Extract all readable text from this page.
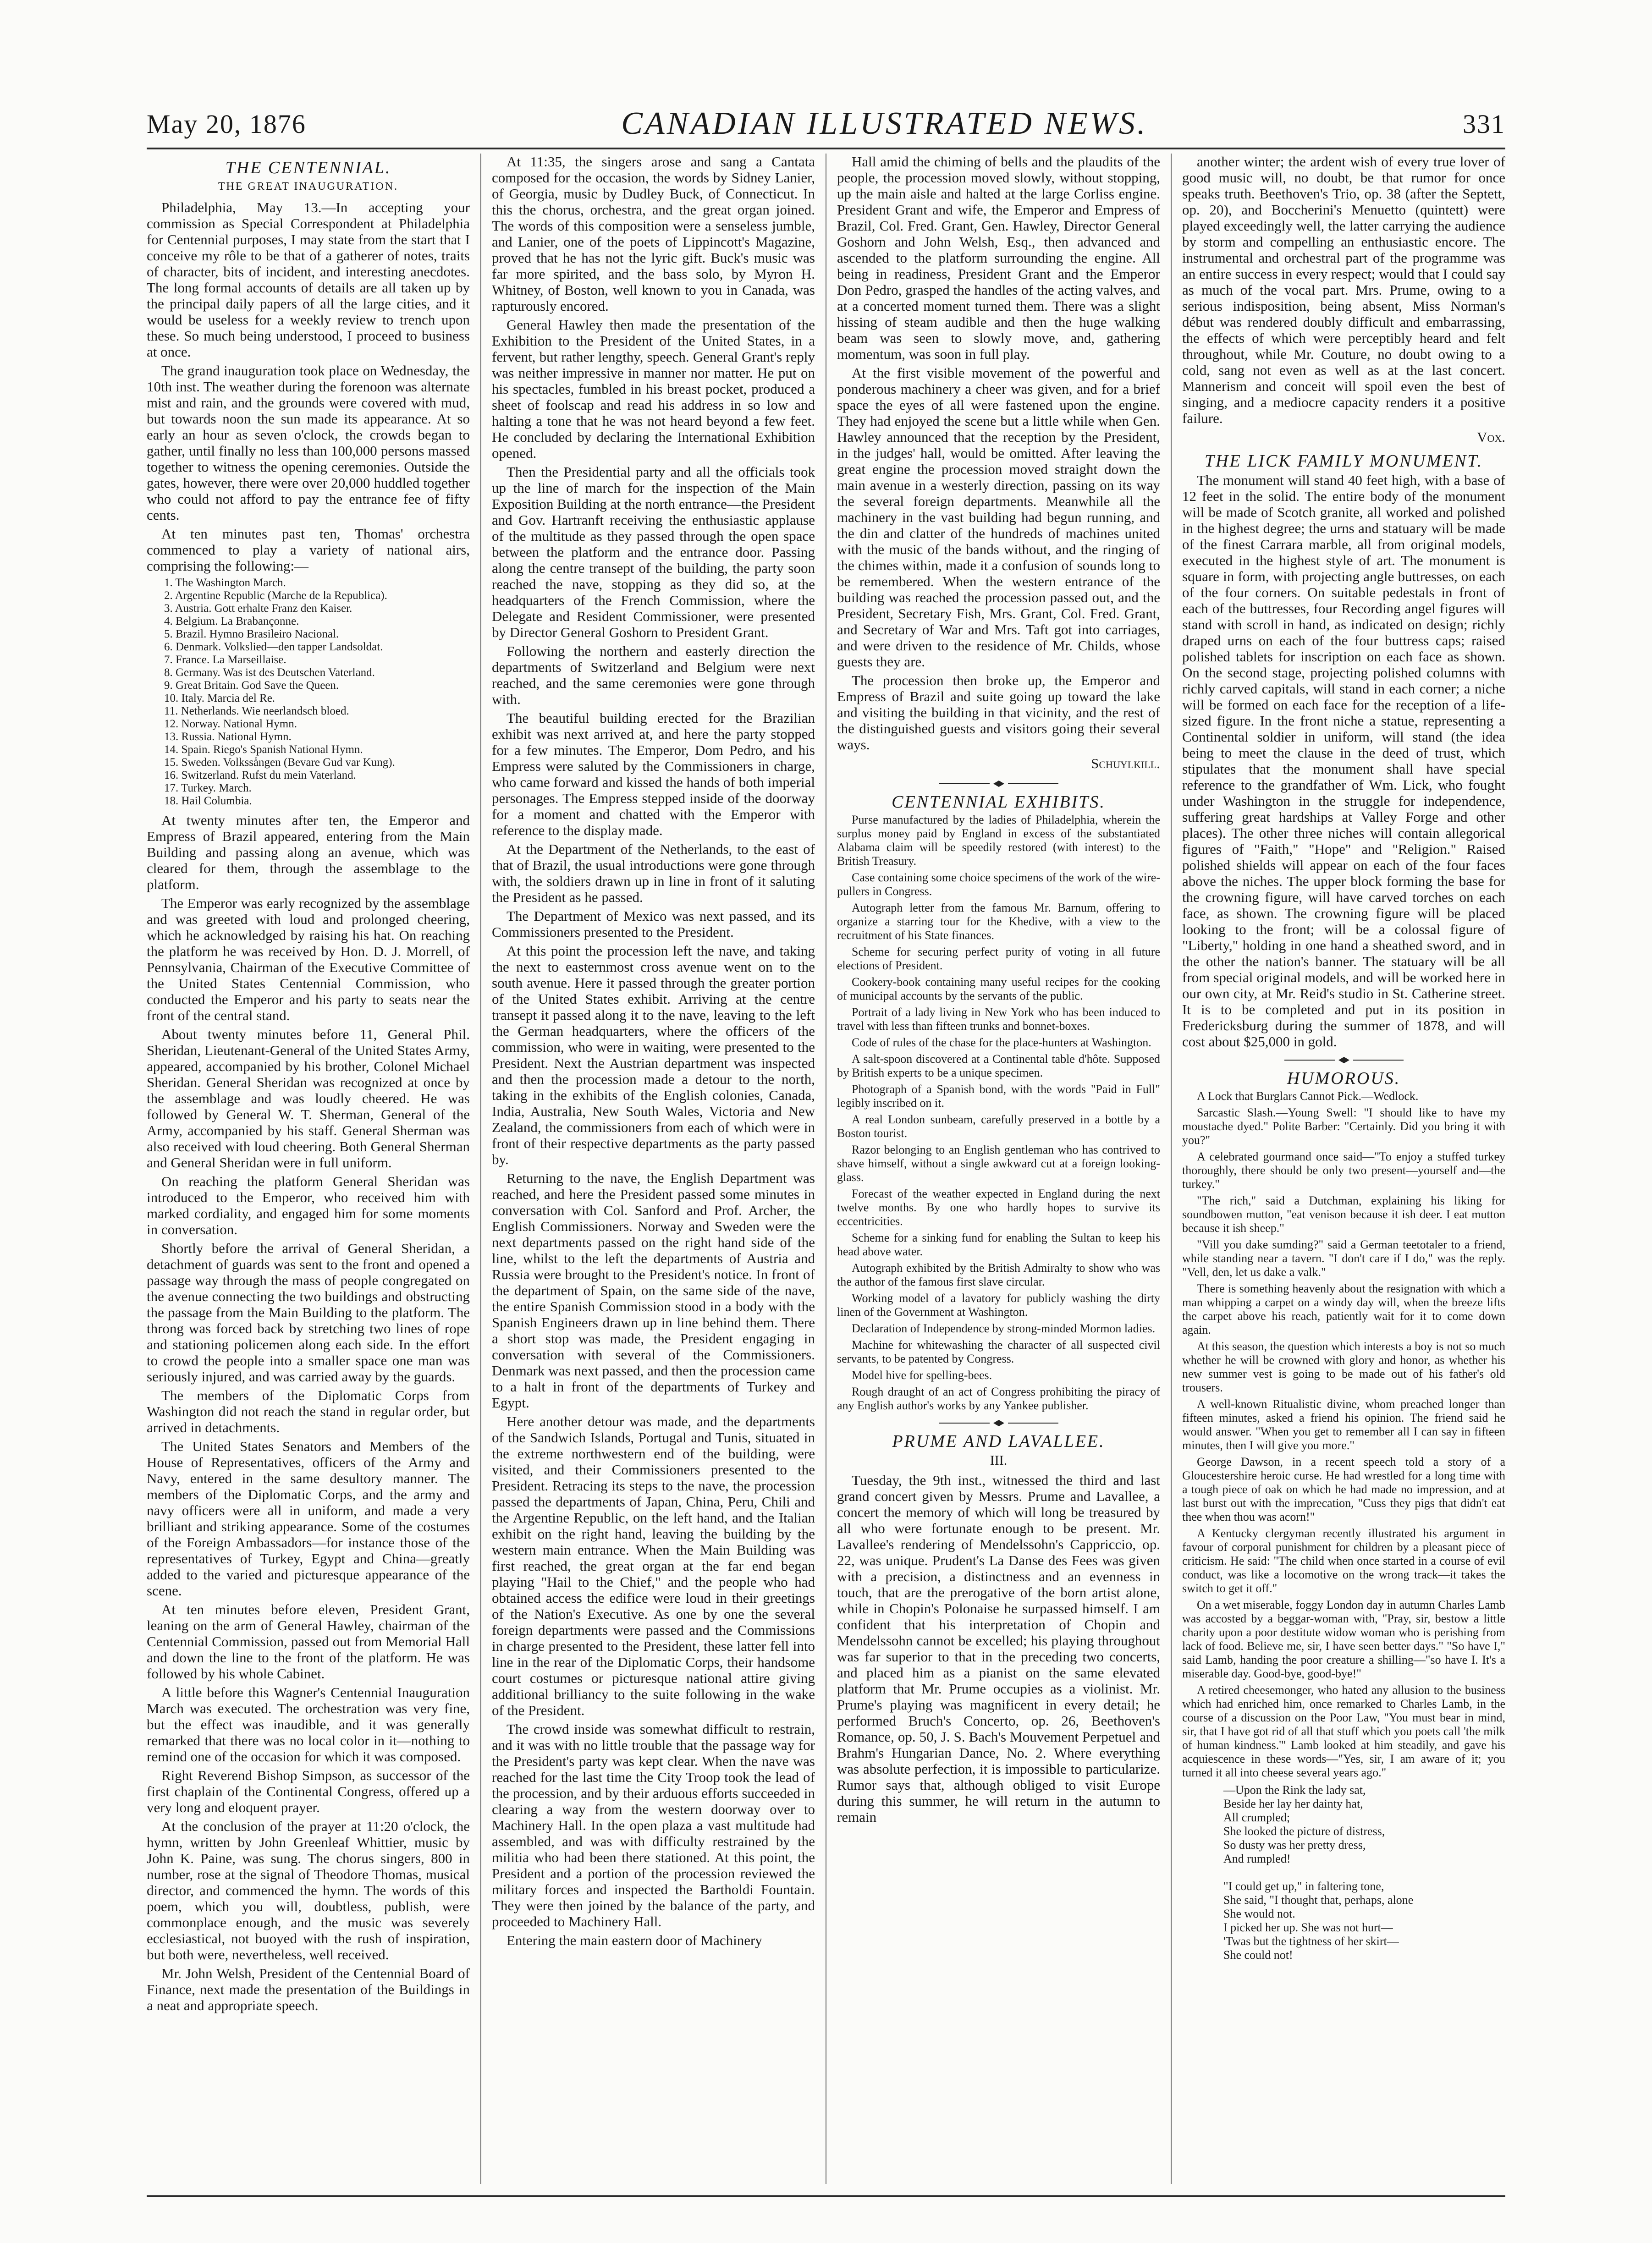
May 20, 1876	CANADIAN ILLUSTRATED NEWS.	331
THE CENTENNIAL.
THE GREAT INAUGURATION.
Philadelphia, May 13.—In accepting your commission as Special Correspondent at Philadelphia for Centennial purposes, I may state from the start that I conceive my rôle to be that of a gatherer of notes, traits of character, bits of incident, and interesting anecdotes. The long formal accounts of details are all taken up by the principal daily papers of all the large cities, and it would be useless for a weekly review to trench upon these. So much being understood, I proceed to business at once.
The grand inauguration took place on Wednesday, the 10th inst. The weather during the forenoon was alternate mist and rain, and the grounds were covered with mud, but towards noon the sun made its appearance. At so early an hour as seven o'clock, the crowds began to gather, until finally no less than 100,000 persons massed together to witness the opening ceremonies. Outside the gates, however, there were over 20,000 huddled together who could not afford to pay the entrance fee of fifty cents.
At ten minutes past ten, Thomas' orchestra commenced to play a variety of national airs, comprising the following:—
1. The Washington March.
2. Argentine Republic (Marche de la Republica).
3. Austria. Gott erhalte Franz den Kaiser.
4. Belgium. La Brabançonne.
5. Brazil. Hymno Brasileiro Nacional.
6. Denmark. Volkslied—den tapper Landsoldat.
7. France. La Marseillaise.
8. Germany. Was ist des Deutschen Vaterland.
9. Great Britain. God Save the Queen.
10. Italy. Marcia del Re.
11. Netherlands. Wie neerlandsch bloed.
12. Norway. National Hymn.
13. Russia. National Hymn.
14. Spain. Riego's Spanish National Hymn.
15. Sweden. Volkssången (Bevare Gud var Kung).
16. Switzerland. Rufst du mein Vaterland.
17. Turkey. March.
18. Hail Columbia.
At twenty minutes after ten, the Emperor and Empress of Brazil appeared, entering from the Main Building and passing along an avenue, which was cleared for them, through the assemblage to the platform.
The Emperor was early recognized by the assemblage and was greeted with loud and prolonged cheering, which he acknowledged by raising his hat. On reaching the platform he was received by Hon. D. J. Morrell, of Pennsylvania, Chairman of the Executive Committee of the United States Centennial Commission, who conducted the Emperor and his party to seats near the front of the central stand.
About twenty minutes before 11, General Phil. Sheridan, Lieutenant-General of the United States Army, appeared, accompanied by his brother, Colonel Michael Sheridan. General Sheridan was recognized at once by the assemblage and was loudly cheered. He was followed by General W. T. Sherman, General of the Army, accompanied by his staff. General Sherman was also received with loud cheering. Both General Sherman and General Sheridan were in full uniform.
On reaching the platform General Sheridan was introduced to the Emperor, who received him with marked cordiality, and engaged him for some moments in conversation.
Shortly before the arrival of General Sheridan, a detachment of guards was sent to the front and opened a passage way through the mass of people congregated on the avenue connecting the two buildings and obstructing the passage from the Main Building to the platform. The throng was forced back by stretching two lines of rope and stationing policemen along each side. In the effort to crowd the people into a smaller space one man was seriously injured, and was carried away by the guards.
The members of the Diplomatic Corps from Washington did not reach the stand in regular order, but arrived in detachments.
The United States Senators and Members of the House of Representatives, officers of the Army and Navy, entered in the same desultory manner. The members of the Diplomatic Corps, and the army and navy officers were all in uniform, and made a very brilliant and striking appearance. Some of the costumes of the Foreign Ambassadors—for instance those of the representatives of Turkey, Egypt and China—greatly added to the varied and picturesque appearance of the scene.
At ten minutes before eleven, President Grant, leaning on the arm of General Hawley, chairman of the Centennial Commission, passed out from Memorial Hall and down the line to the front of the platform. He was followed by his whole Cabinet.
A little before this Wagner's Centennial Inauguration March was executed. The orchestration was very fine, but the effect was inaudible, and it was generally remarked that there was no local color in it—nothing to remind one of the occasion for which it was composed.
Right Reverend Bishop Simpson, as successor of the first chaplain of the Continental Congress, offered up a very long and eloquent prayer.
At the conclusion of the prayer at 11:20 o'clock, the hymn, written by John Greenleaf Whittier, music by John K. Paine, was sung. The chorus singers, 800 in number, rose at the signal of Theodore Thomas, musical director, and commenced the hymn. The words of this poem, which you will, doubtless, publish, were commonplace enough, and the music was severely ecclesiastical, not buoyed with the rush of inspiration, but both were, nevertheless, well received.
Mr. John Welsh, President of the Centennial Board of Finance, next made the presentation of the Buildings in a neat and appropriate speech.
At 11:35, the singers arose and sang a Cantata composed for the occasion, the words by Sidney Lanier, of Georgia, music by Dudley Buck, of Connecticut. In this the chorus, orchestra, and the great organ joined. The words of this composition were a senseless jumble, and Lanier, one of the poets of Lippincott's Magazine, proved that he has not the lyric gift. Buck's music was far more spirited, and the bass solo, by Myron H. Whitney, of Boston, well known to you in Canada, was rapturously encored.
General Hawley then made the presentation of the Exhibition to the President of the United States, in a fervent, but rather lengthy, speech. General Grant's reply was neither impressive in manner nor matter. He put on his spectacles, fumbled in his breast pocket, produced a sheet of foolscap and read his address in so low and halting a tone that he was not heard beyond a few feet. He concluded by declaring the International Exhibition opened.
Then the Presidential party and all the officials took up the line of march for the inspection of the Main Exposition Building at the north entrance—the President and Gov. Hartranft receiving the enthusiastic applause of the multitude as they passed through the open space between the platform and the entrance door. Passing along the centre transept of the building, the party soon reached the nave, stopping as they did so, at the headquarters of the French Commission, where the Delegate and Resident Commissioner, were presented by Director General Goshorn to President Grant.
Following the northern and easterly direction the departments of Switzerland and Belgium were next reached, and the same ceremonies were gone through with.
The beautiful building erected for the Brazilian exhibit was next arrived at, and here the party stopped for a few minutes. The Emperor, Dom Pedro, and his Empress were saluted by the Commissioners in charge, who came forward and kissed the hands of both imperial personages. The Empress stepped inside of the doorway for a moment and chatted with the Emperor with reference to the display made.
At the Department of the Netherlands, to the east of that of Brazil, the usual introductions were gone through with, the soldiers drawn up in line in front of it saluting the President as he passed.
The Department of Mexico was next passed, and its Commissioners presented to the President.
At this point the procession left the nave, and taking the next to easternmost cross avenue went on to the south avenue. Here it passed through the greater portion of the United States exhibit. Arriving at the centre transept it passed along it to the nave, leaving to the left the German headquarters, where the officers of the commission, who were in waiting, were presented to the President. Next the Austrian department was inspected and then the procession made a detour to the north, taking in the exhibits of the English colonies, Canada, India, Australia, New South Wales, Victoria and New Zealand, the commissioners from each of which were in front of their respective departments as the party passed by.
Returning to the nave, the English Department was reached, and here the President passed some minutes in conversation with Col. Sanford and Prof. Archer, the English Commissioners. Norway and Sweden were the next departments passed on the right hand side of the line, whilst to the left the departments of Austria and Russia were brought to the President's notice. In front of the department of Spain, on the same side of the nave, the entire Spanish Commission stood in a body with the Spanish Engineers drawn up in line behind them. There a short stop was made, the President engaging in conversation with several of the Commissioners. Denmark was next passed, and then the procession came to a halt in front of the departments of Turkey and Egypt.
Here another detour was made, and the departments of the Sandwich Islands, Portugal and Tunis, situated in the extreme northwestern end of the building, were visited, and their Commissioners presented to the President. Retracing its steps to the nave, the procession passed the departments of Japan, China, Peru, Chili and the Argentine Republic, on the left hand, and the Italian exhibit on the right hand, leaving the building by the western main entrance. When the Main Building was first reached, the great organ at the far end began playing "Hail to the Chief," and the people who had obtained access the edifice were loud in their greetings of the Nation's Executive. As one by one the several foreign departments were passed and the Commissions in charge presented to the President, these latter fell into line in the rear of the Diplomatic Corps, their handsome court costumes or picturesque national attire giving additional brilliancy to the suite following in the wake of the President.
The crowd inside was somewhat difficult to restrain, and it was with no little trouble that the passage way for the President's party was kept clear. When the nave was reached for the last time the City Troop took the lead of the procession, and by their arduous efforts succeeded in clearing a way from the western doorway over to Machinery Hall. In the open plaza a vast multitude had assembled, and was with difficulty restrained by the militia who had been there stationed. At this point, the President and a portion of the procession reviewed the military forces and inspected the Bartholdi Fountain. They were then joined by the balance of the party, and proceeded to Machinery Hall.
Entering the main eastern door of Machinery
Hall amid the chiming of bells and the plaudits of the people, the procession moved slowly, without stopping, up the main aisle and halted at the large Corliss engine. President Grant and wife, the Emperor and Empress of Brazil, Col. Fred. Grant, Gen. Hawley, Director General Goshorn and John Welsh, Esq., then advanced and ascended to the platform surrounding the engine. All being in readiness, President Grant and the Emperor Don Pedro, grasped the handles of the acting valves, and at a concerted moment turned them. There was a slight hissing of steam audible and then the huge walking beam was seen to slowly move, and, gathering momentum, was soon in full play.
At the first visible movement of the powerful and ponderous machinery a cheer was given, and for a brief space the eyes of all were fastened upon the engine. They had enjoyed the scene but a little while when Gen. Hawley announced that the reception by the President, in the judges' hall, would be omitted. After leaving the great engine the procession moved straight down the main avenue in a westerly direction, passing on its way the several foreign departments. Meanwhile all the machinery in the vast building had begun running, and the din and clatter of the hundreds of machines united with the music of the bands without, and the ringing of the chimes within, made it a confusion of sounds long to be remembered. When the western entrance of the building was reached the procession passed out, and the President, Secretary Fish, Mrs. Grant, Col. Fred. Grant, and Secretary of War and Mrs. Taft got into carriages, and were driven to the residence of Mr. Childs, whose guests they are.
The procession then broke up, the Emperor and Empress of Brazil and suite going up toward the lake and visiting the building in that vicinity, and the rest of the distinguished guests and visitors going their several ways.
Schuylkill.
CENTENNIAL EXHIBITS.
Purse manufactured by the ladies of Philadelphia, wherein the surplus money paid by England in excess of the substantiated Alabama claim will be speedily restored (with interest) to the British Treasury.
Case containing some choice specimens of the work of the wire-pullers in Congress.
Autograph letter from the famous Mr. Barnum, offering to organize a starring tour for the Khedive, with a view to the recruitment of his State finances.
Scheme for securing perfect purity of voting in all future elections of President.
Cookery-book containing many useful recipes for the cooking of municipal accounts by the servants of the public.
Portrait of a lady living in New York who has been induced to travel with less than fifteen trunks and bonnet-boxes.
Code of rules of the chase for the place-hunters at Washington.
A salt-spoon discovered at a Continental table d'hôte. Supposed by British experts to be a unique specimen.
Photograph of a Spanish bond, with the words "Paid in Full" legibly inscribed on it.
A real London sunbeam, carefully preserved in a bottle by a Boston tourist.
Razor belonging to an English gentleman who has contrived to shave himself, without a single awkward cut at a foreign looking-glass.
Forecast of the weather expected in England during the next twelve months. By one who hardly hopes to survive its eccentricities.
Scheme for a sinking fund for enabling the Sultan to keep his head above water.
Autograph exhibited by the British Admiralty to show who was the author of the famous first slave circular.
Working model of a lavatory for publicly washing the dirty linen of the Government at Washington.
Declaration of Independence by strong-minded Mormon ladies.
Machine for whitewashing the character of all suspected civil servants, to be patented by Congress.
Model hive for spelling-bees.
Rough draught of an act of Congress prohibiting the piracy of any English author's works by any Yankee publisher.
PRUME AND LAVALLEE.
III.
Tuesday, the 9th inst., witnessed the third and last grand concert given by Messrs. Prume and Lavallee, a concert the memory of which will long be treasured by all who were fortunate enough to be present. Mr. Lavallee's rendering of Mendelssohn's Cappriccio, op. 22, was unique. Prudent's La Danse des Fees was given with a precision, a distinctness and an evenness in touch, that are the prerogative of the born artist alone, while in Chopin's Polonaise he surpassed himself. I am confident that his interpretation of Chopin and Mendelssohn cannot be excelled; his playing throughout was far superior to that in the preceding two concerts, and placed him as a pianist on the same elevated platform that Mr. Prume occupies as a violinist. Mr. Prume's playing was magnificent in every detail; he performed Bruch's Concerto, op. 26, Beethoven's Romance, op. 50, J. S. Bach's Mouvement Perpetuel and Brahm's Hungarian Dance, No. 2. Where everything was absolute perfection, it is impossible to particularize. Rumor says that, although obliged to visit Europe during this summer, he will return in the autumn to remain
another winter; the ardent wish of every true lover of good music will, no doubt, be that rumor for once speaks truth. Beethoven's Trio, op. 38 (after the Septett, op. 20), and Boccherini's Menuetto (quintett) were played exceedingly well, the latter carrying the audience by storm and compelling an enthusiastic encore. The instrumental and orchestral part of the programme was an entire success in every respect; would that I could say as much of the vocal part. Mrs. Prume, owing to a serious indisposition, being absent, Miss Norman's début was rendered doubly difficult and embarrassing, the effects of which were perceptibly heard and felt throughout, while Mr. Couture, no doubt owing to a cold, sang not even as well as at the last concert. Mannerism and conceit will spoil even the best of singing, and a mediocre capacity renders it a positive failure.
Vox.
THE LICK FAMILY MONUMENT.
The monument will stand 40 feet high, with a base of 12 feet in the solid. The entire body of the monument will be made of Scotch granite, all worked and polished in the highest degree; the urns and statuary will be made of the finest Carrara marble, all from original models, executed in the highest style of art. The monument is square in form, with projecting angle buttresses, on each of the four corners. On suitable pedestals in front of each of the buttresses, four Recording angel figures will stand with scroll in hand, as indicated on design; richly draped urns on each of the four buttress caps; raised polished tablets for inscription on each face as shown. On the second stage, projecting polished columns with richly carved capitals, will stand in each corner; a niche will be formed on each face for the reception of a life-sized figure. In the front niche a statue, representing a Continental soldier in uniform, will stand (the idea being to meet the clause in the deed of trust, which stipulates that the monument shall have special reference to the grandfather of Wm. Lick, who fought under Washington in the struggle for independence, suffering great hardships at Valley Forge and other places). The other three niches will contain allegorical figures of "Faith," "Hope" and "Religion." Raised polished shields will appear on each of the four faces above the niches. The upper block forming the base for the crowning figure, will have carved torches on each face, as shown. The crowning figure will be placed looking to the front; will be a colossal figure of "Liberty," holding in one hand a sheathed sword, and in the other the nation's banner. The statuary will be all from special original models, and will be worked here in our own city, at Mr. Reid's studio in St. Catherine street. It is to be completed and put in its position in Fredericksburg during the summer of 1878, and will cost about $25,000 in gold.
HUMOROUS.
A Lock that Burglars Cannot Pick.—Wedlock.
Sarcastic Slash.—Young Swell: "I should like to have my moustache dyed." Polite Barber: "Certainly. Did you bring it with you?"
A celebrated gourmand once said—"To enjoy a stuffed turkey thoroughly, there should be only two present—yourself and—the turkey."
"The rich," said a Dutchman, explaining his liking for soundbowen mutton, "eat venison because it ish deer. I eat mutton because it ish sheep."
"Vill you dake sumding?" said a German teetotaler to a friend, while standing near a tavern. "I don't care if I do," was the reply. "Vell, den, let us dake a valk."
There is something heavenly about the resignation with which a man whipping a carpet on a windy day will, when the breeze lifts the carpet above his reach, patiently wait for it to come down again.
At this season, the question which interests a boy is not so much whether he will be crowned with glory and honor, as whether his new summer vest is going to be made out of his father's old trousers.
A well-known Ritualistic divine, whom preached longer than fifteen minutes, asked a friend his opinion. The friend said he would answer. "When you get to remember all I can say in fifteen minutes, then I will give you more."
George Dawson, in a recent speech told a story of a Gloucestershire heroic curse. He had wrestled for a long time with a tough piece of oak on which he had made no impression, and at last burst out with the imprecation, "Cuss they pigs that didn't eat thee when thou was acorn!"
A Kentucky clergyman recently illustrated his argument in favour of corporal punishment for children by a pleasant piece of criticism. He said: "The child when once started in a course of evil conduct, was like a locomotive on the wrong track—it takes the switch to get it off."
On a wet miserable, foggy London day in autumn Charles Lamb was accosted by a beggar-woman with, "Pray, sir, bestow a little charity upon a poor destitute widow woman who is perishing from lack of food. Believe me, sir, I have seen better days." "So have I," said Lamb, handing the poor creature a shilling—"so have I. It's a miserable day. Good-bye, good-bye!"
A retired cheesemonger, who hated any allusion to the business which had enriched him, once remarked to Charles Lamb, in the course of a discussion on the Poor Law, "You must bear in mind, sir, that I have got rid of all that stuff which you poets call 'the milk of human kindness.'" Lamb looked at him steadily, and gave his acquiescence in these words—"Yes, sir, I am aware of it; you turned it all into cheese several years ago."
—Upon the Rink the lady sat,
Beside her lay her dainty hat,
All crumpled;
She looked the picture of distress,
So dusty was her pretty dress,
And rumpled!

"I could get up," in faltering tone,
She said, "I thought that, perhaps, alone
She would not.
I picked her up. She was not hurt—
'Twas but the tightness of her skirt—
She could not!
